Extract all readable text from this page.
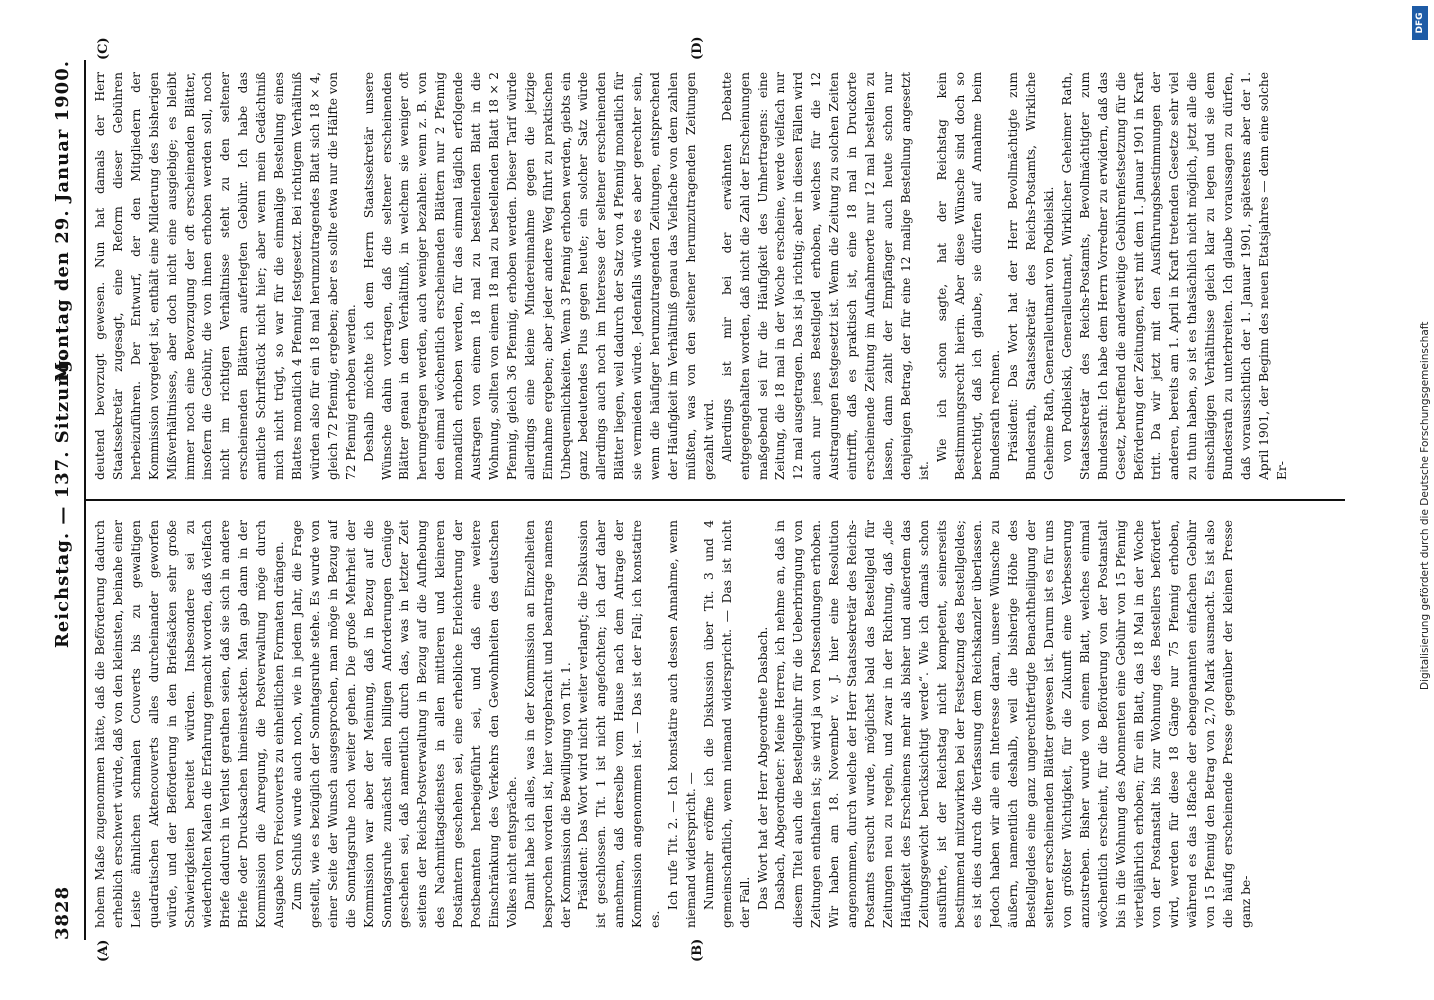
3828
Reichstag. — 137. Sitzung.
Montag den 29. Januar 1900.
(A)	(B)
(C)	(D)

hohem Maße zugenommen hätte, daß die Beförderung dadurch erheblich erschwert würde, daß von den kleinsten, beinahe einer Leiste ähnlichen schmalen Couverts bis zu gewaltigen quadratischen Aktencouverts alles durcheinander geworfen würde, und der Beförderung in den Briefsäcken sehr große Schwierigkeiten bereitet würden. Insbesondere sei zu wiederholten Malen die Erfahrung gemacht worden, daß vielfach Briefe dadurch in Verlust gerathen seien, daß sie sich in andere Briefe oder Drucksachen hineinsteckten. Man gab dann in der Kommission die Anregung, die Postverwaltung möge durch Ausgabe von Freicouverts zu einheitlichen Formaten drängen. Zum Schluß wurde auch noch, wie in jedem Jahr, die Frage gestellt, wie es bezüglich der Sonntagsruhe stehe. Es wurde von einer Seite der Wunsch ausgesprochen, man möge in Bezug auf die Sonntagsruhe noch weiter gehen. Die große Mehrheit der Kommission war aber der Meinung, daß in Bezug auf die Sonntagsruhe zunächst allen billigen Anforderungen Genüge geschehen sei, daß namentlich durch das, was in letzter Zeit seitens der Reichs-Postverwaltung in Bezug auf die Aufhebung des Nachmittagsdienstes in allen mittleren und kleineren Postämtern geschehen sei, eine erhebliche Erleichterung der Postbeamten herbeigeführt sei, und daß eine weitere Einschränkung des Verkehrs den Gewohnheiten des deutschen Volkes nicht entspräche. Damit habe ich alles, was in der Kommission an Einzelheiten besprochen worden ist, hier vorgebracht und beantrage namens der Kommission die Bewilligung von Tit. 1. Präsident: Das Wort wird nicht weiter verlangt; die Diskussion ist geschlossen. Tit. 1 ist nicht angefochten; ich darf daher annehmen, daß derselbe vom Hause nach dem Antrage der Kommission angenommen ist. — Das ist der Fall; ich konstatire es.

Ich rufe Tit. 2. — Ich konstatire auch dessen Annahme, wenn niemand widerspricht. — Nunmehr eröffne ich die Diskussion über Tit. 3 und 4 gemeinschaftlich, wenn niemand widerspricht. — Das ist nicht der Fall. Das Wort hat der Herr Abgeordnete Dasbach. Dasbach, Abgeordneter: Meine Herren, ich nehme an, daß in diesem Titel auch die Bestellgebühr für die Ueberbringung von Zeitungen enthalten ist; sie wird ja von Postsendungen erhoben. Wir haben am 18. November v. J. hier eine Resolution angenommen, durch welche der Herr Staatssekretär des Reichs-Postamts ersucht wurde, möglichst bald das Bestellgeld für Zeitungen neu zu regeln, und zwar in der Richtung, daß „die Häufigkeit des Erscheinens mehr als bisher und außerdem das Zeitungsgewicht berücksichtigt werde“. Wie ich damals schon ausführte, ist der Reichstag nicht kompetent, seinerseits bestimmend mitzuwirken bei der Festsetzung des Bestellgeldes; es ist dies durch die Verfassung dem Reichskanzler überlassen. Jedoch haben wir alle ein Interesse daran, unsere Wünsche zu äußern, namentlich deshalb, weil die bisherige Höhe des Bestellgeldes eine ganz ungerechtfertigte Benachtheiligung der seltener erscheinenden Blätter gewesen ist. Darum ist es für uns von größter Wichtigkeit, für die Zukunft eine Verbesserung anzustreben. Bisher wurde von einem Blatt, welches einmal wöchentlich erscheint, für die Beförderung von der Postanstalt bis in die Wohnung des Abonnenten eine Gebühr von 15 Pfennig vierteljährlich erhoben; für ein Blatt, das 18 Mal in der Woche von der Postanstalt bis zur Wohnung des Bestellers befördert wird, werden für diese 18 Gänge nur 75 Pfennig erhoben, während es das 18fache der ebengenannten einfachen Gebühr von 15 Pfennig den Betrag von 2,70 Mark ausmacht. Es ist also die häufig erscheinende Presse gegenüber der kleinen Presse ganz be-

deutend bevorzugt gewesen. Nun hat damals der Herr Staatssekretär zugesagt, eine Reform dieser Gebühren herbeizuführen. Der Entwurf, der den Mitgliedern der Kommission vorgelegt ist, enthält eine Milderung des bisherigen Mißverhältnisses, aber doch nicht eine ausgiebige; es bleibt immer noch eine Bevorzugung der oft erscheinenden Blätter, insofern die Gebühr, die von ihnen erhoben werden soll, noch nicht im richtigen Verhältnisse steht zu den seltener erscheinenden Blättern auferlegten Gebühr. Ich habe das amtliche Schriftstück nicht hier; aber wenn mein Gedächtniß mich nicht trügt, so war für die einmalige Bestellung eines Blattes monatlich 4 Pfennig festgesetzt. Bei richtigem Verhältniß würden also für ein 18 mal herumzutragendes Blatt sich 18 × 4, gleich 72 Pfennig, ergeben; aber es sollte etwa nur die Hälfte von 72 Pfennig erhoben werden. Deshalb möchte ich dem Herrn Staatssekretär unsere Wünsche dahin vortragen, daß die seltener erscheinenden Blätter genau in dem Verhältniß, in welchem sie weniger oft herumgetragen werden, auch weniger bezahlen: wenn z. B. von den einmal wöchentlich erscheinenden Blättern nur 2 Pfennig monatlich erhoben werden, für das einmal täglich erfolgende Austragen von einem 18 mal zu bestellenden Blatt in die Wohnung, sollten von einem 18 mal zu bestellenden Blatt 18 × 2 Pfennig, gleich 36 Pfennig, erhoben werden. Dieser Tarif würde allerdings eine kleine Mindereinnahme gegen die jetzige Einnahme ergeben; aber jeder andere Weg führt zu praktischen Unbequemlichkeiten. Wenn 3 Pfennig erhoben werden, giebts ein ganz bedeutendes Plus gegen heute; ein solcher Satz würde allerdings auch noch im Interesse der seltener erscheinenden Blätter liegen, weil dadurch der Satz von 4 Pfennig monatlich für sie vermieden würde. Jedenfalls würde es aber gerechter sein, wenn die häufiger herumzutragenden Zeitungen, entsprechend der Häufigkeit im Verhältniß genau das Vielfache von dem zahlen müßten, was von den seltener herumzutragenden Zeitungen gezahlt wird. Allerdings ist mir bei der erwähnten Debatte entgegengehalten worden, daß nicht die Zahl der Erscheinungen maßgebend sei für die Häufigkeit des Umhertragens: eine Zeitung, die 18 mal in der Woche erscheine, werde vielfach nur 12 mal ausgetragen. Das ist ja richtig; aber in diesen Fällen wird auch nur jenes Bestellgeld erhoben, welches für die 12 Austragungen festgesetzt ist. Wenn die Zeitung zu solchen Zeiten eintrifft, daß es praktisch ist, eine 18 mal in Druckorte erscheinende Zeitung im Aufnahmeorte nur 12 mal bestellen zu lassen, dann zahlt der Empfänger auch heute schon nur denjenigen Betrag, der für eine 12 malige Bestellung angesetzt ist.

Wie ich schon sagte, hat der Reichstag kein Bestimmungsrecht hierin. Aber diese Wünsche sind doch so berechtigt, daß ich glaube, sie dürfen auf Annahme beim Bundesrath rechnen. Präsident: Das Wort hat der Herr Bevollmächtigte zum Bundesrath, Staatssekretär des Reichs-Postamts, Wirkliche Geheime Rath, Generalleutnant von Podbielski. von Podbielski, Generalleutnant, Wirklicher Geheimer Rath, Staatssekretär des Reichs-Postamts, Bevollmächtigter zum Bundesrath: Ich habe dem Herrn Vorredner zu erwidern, daß das Gesetz, betreffend die anderweitige Gebührenfestsetzung für die Beförderung der Zeitungen, erst mit dem 1. Januar 1901 in Kraft tritt. Da wir jetzt mit den Ausführungsbestimmungen der anderen, bereits am 1. April in Kraft tretenden Gesetze sehr viel zu thun haben, so ist es thatsächlich nicht möglich, jetzt alle die einschlägigen Verhältnisse gleich klar zu legen und sie dem Bundesrath zu unterbreiten. Ich glaube voraussagen zu dürfen, daß voraussichtlich der 1. Januar 1901, spätestens aber der 1. April 1901, der Beginn des neuen Etatsjahres — denn eine solche Er-

DFG
Digitalisierung gefördert durch die Deutsche Forschungsgemeinschaft
